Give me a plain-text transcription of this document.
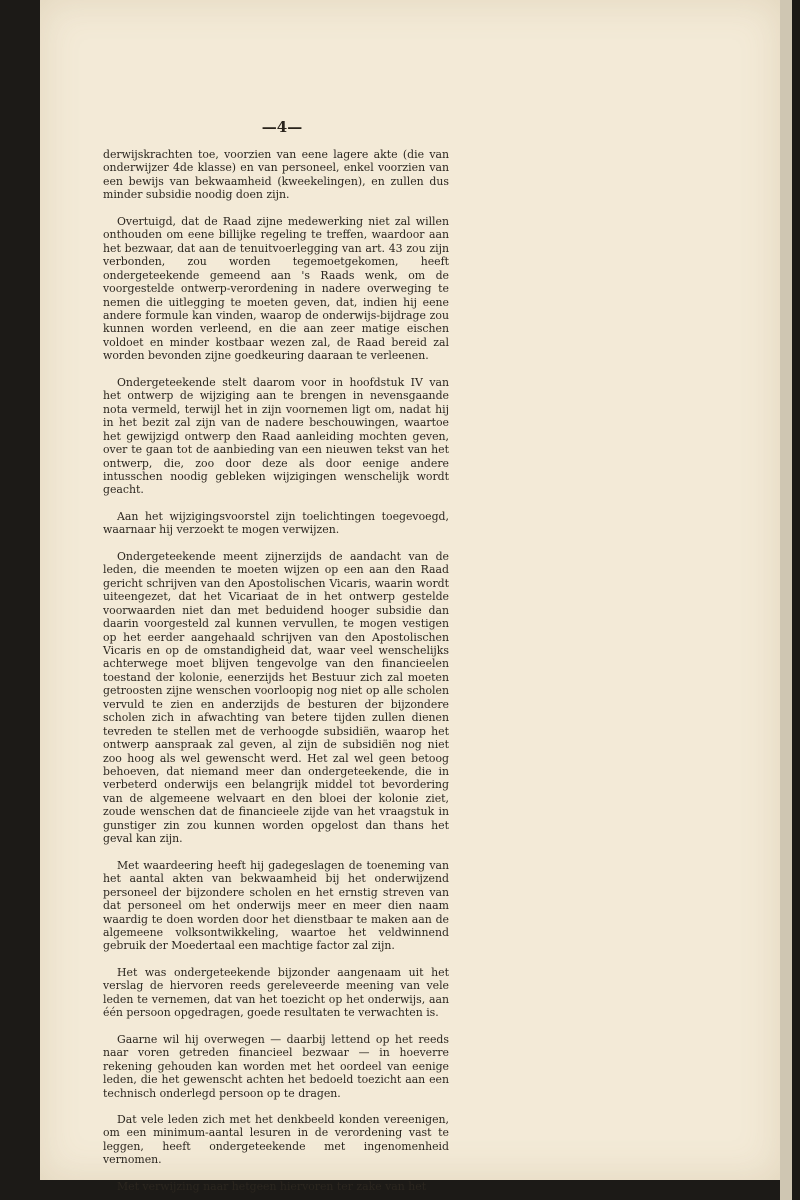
—4—

derwijskrachten toe, voorzien van eene lagere akte (die van onderwijzer 4de klasse) en van personeel, enkel voorzien van een bewijs van bekwaamheid (kweekelingen), en zullen dus minder subsidie noodig doen zijn.

Overtuigd, dat de Raad zijne medewerking niet zal willen onthouden om eene billijke regeling te treffen, waardoor aan het bezwaar, dat aan de tenuitvoerlegging van art. 43 zou zijn verbonden, zou worden tegemoetgekomen, heeft ondergeteekende gemeend aan 's Raads wenk, om de voorgestelde ontwerp-verordening in nadere overweging te nemen die uitlegging te moeten geven, dat, indien hij eene andere formule kan vinden, waarop de onderwijs-bijdrage zou kunnen worden verleend, en die aan zeer matige eischen voldoet en minder kostbaar wezen zal, de Raad bereid zal worden bevonden zijne goedkeuring daaraan te verleenen.

Ondergeteekende stelt daarom voor in hoofdstuk IV van het ontwerp de wijziging aan te brengen in nevensgaande nota vermeld, terwijl het in zijn voornemen ligt om, nadat hij in het bezit zal zijn van de nadere beschouwingen, waartoe het gewijzigd ontwerp den Raad aanleiding mochten geven, over te gaan tot de aanbieding van een nieuwen tekst van het ontwerp, die, zoo door deze als door eenige andere intusschen noodig gebleken wijzigingen wenschelijk wordt geacht.

Aan het wijzigingsvoorstel zijn toelichtingen toegevoegd, waarnaar hij verzoekt te mogen verwijzen.

Ondergeteekende meent zijnerzijds de aandacht van de leden, die meenden te moeten wijzen op een aan den Raad gericht schrijven van den Apostolischen Vicaris, waarin wordt uiteengezet, dat het Vicariaat de in het ontwerp gestelde voorwaarden niet dan met beduidend hooger subsidie dan daarin voorgesteld zal kunnen vervullen, te mogen vestigen op het eerder aangehaald schrijven van den Apostolischen Vicaris en op de omstandigheid dat, waar veel wenschelijks achterwege moet blijven tengevolge van den financieelen toestand der kolonie, eenerzijds het Bestuur zich zal moeten getroosten zijne wenschen voorloopig nog niet op alle scholen vervuld te zien en anderzijds de besturen der bijzondere scholen zich in afwachting van betere tijden zullen dienen tevreden te stellen met de verhoogde subsidiën, waarop het ontwerp aanspraak zal geven, al zijn de subsidiën nog niet zoo hoog als wel gewenscht werd. Het zal wel geen betoog behoeven, dat niemand meer dan ondergeteekende, die in verbeterd onderwijs een belangrijk middel tot bevordering van de algemeene welvaart en den bloei der kolonie ziet, zoude wenschen dat de financieele zijde van het vraagstuk in gunstiger zin zou kunnen worden opgelost dan thans het geval kan zijn.

Met waardeering heeft hij gadegeslagen de toeneming van het aantal akten van bekwaamheid bij het onderwijzend personeel der bijzondere scholen en het ernstig streven van dat personeel om het onderwijs meer en meer dien naam waardig te doen worden door het dienstbaar te maken aan de algemeene volksontwikkeling, waartoe het veldwinnend gebruik der Moedertaal een machtige factor zal zijn.

Het was ondergeteekende bijzonder aangenaam uit het verslag de hiervoren reeds gereleveerde meening van vele leden te vernemen, dat van het toezicht op het onderwijs, aan één persoon opgedragen, goede resultaten te verwachten is.

Gaarne wil hij overwegen — daarbij lettend op het reeds naar voren getreden financieel bezwaar — in hoeverre rekening gehouden kan worden met het oordeel van eenige leden, die het gewenscht achten het bedoeld toezicht aan een technisch onderlegd persoon op te dragen.

Dat vele leden zich met het denkbeeld konden vereenigen, om een minimum-aantal lesuren in de verordening vast te leggen, heeft ondergeteekende met ingenomenheid vernomen.

Met verwijzing naar hetgeen hiervoren ter zake van het
